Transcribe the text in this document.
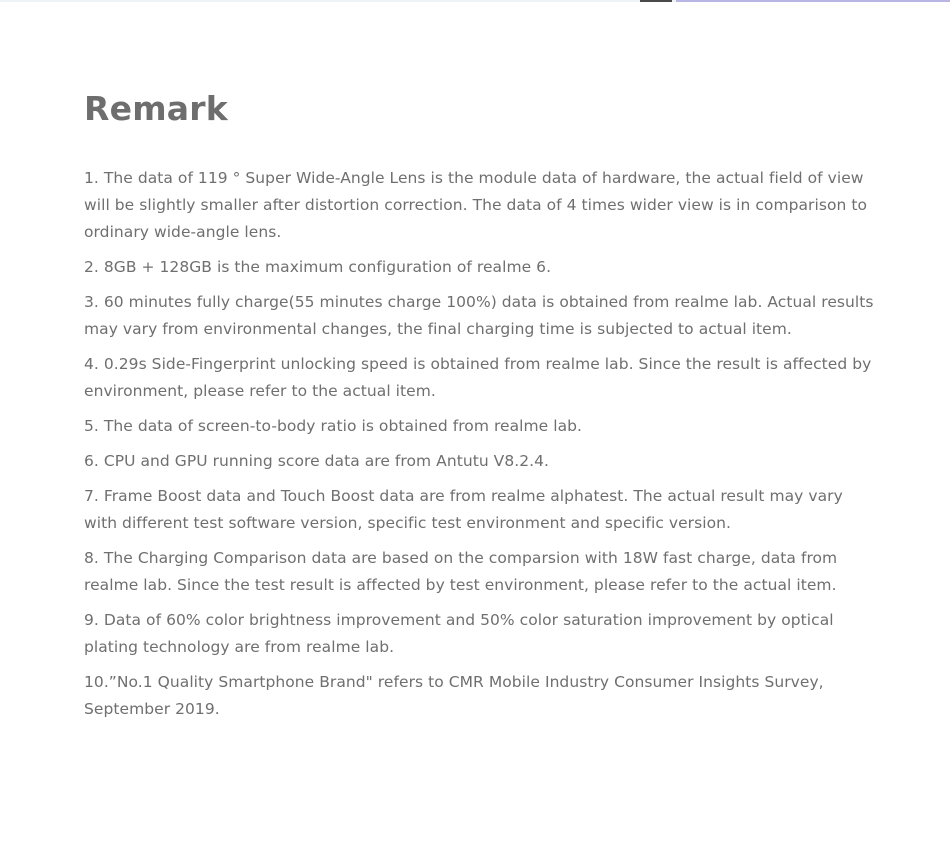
Remark
1. The data of 119 ° Super Wide-Angle Lens is the module data of hardware, the actual field of view will be slightly smaller after distortion correction. The data of 4 times wider view is in comparison to ordinary wide-angle lens.
2. 8GB + 128GB is the maximum configuration of realme 6.
3. 60 minutes fully charge(55 minutes charge 100%) data is obtained from realme lab. Actual results may vary from environmental changes, the final charging time is subjected to actual item.
4. 0.29s Side-Fingerprint unlocking speed is obtained from realme lab. Since the result is affected by environment, please refer to the actual item.
5. The data of screen-to-body ratio is obtained from realme lab.
6. CPU and GPU running score data are from Antutu V8.2.4.
7. Frame Boost data and Touch Boost data are from realme alphatest. The actual result may vary with different test software version, specific test environment and specific version.
8. The Charging Comparison data are based on the comparsion with 18W fast charge, data from realme lab. Since the test result is affected by test environment, please refer to the actual item.
9. Data of 60% color brightness improvement and 50% color saturation improvement by optical plating technology are from realme lab.
10.”No.1 Quality Smartphone Brand" refers to CMR Mobile Industry Consumer Insights Survey, September 2019.
